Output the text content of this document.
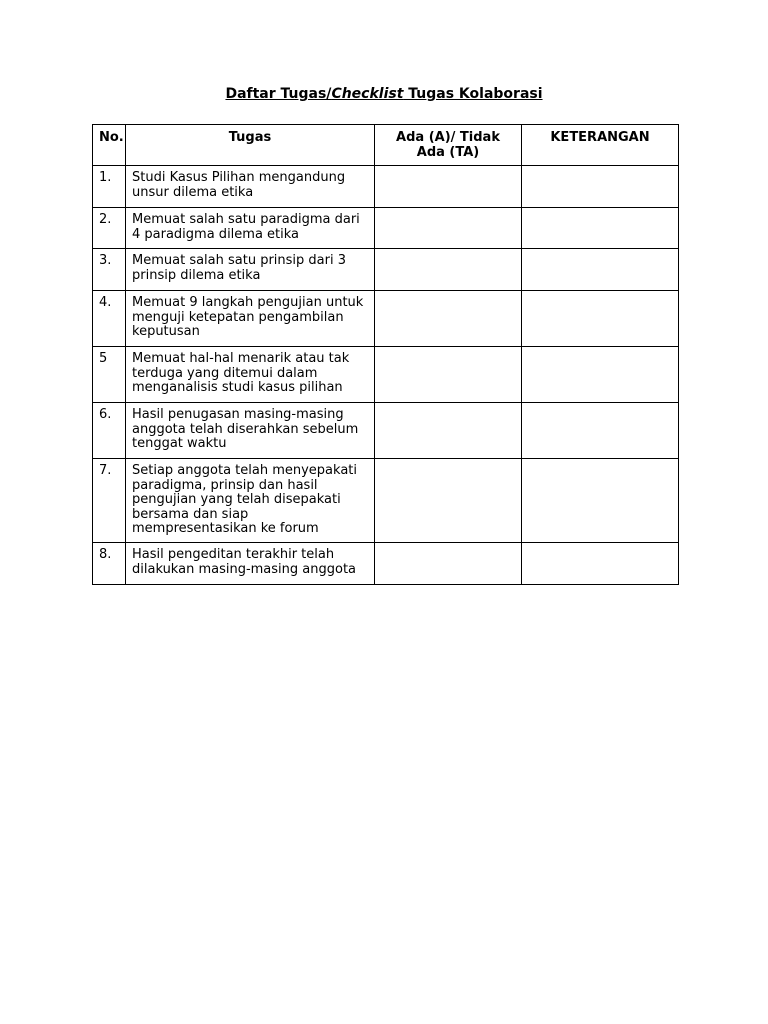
Daftar Tugas/Checklist Tugas Kolaborasi
No.	Tugas	Ada (A)/ Tidak Ada (TA)	KETERANGAN
1.	Studi Kasus Pilihan mengandung unsur dilema etika		
2.	Memuat salah satu paradigma dari 4 paradigma dilema etika		
3.	Memuat salah satu prinsip dari 3 prinsip dilema etika		
4.	Memuat 9 langkah pengujian untuk menguji ketepatan pengambilan keputusan		
5	Memuat hal-hal menarik atau tak terduga yang ditemui dalam menganalisis studi kasus pilihan		
6.	Hasil penugasan masing-masing anggota telah diserahkan sebelum tenggat waktu		
7.	Setiap anggota telah menyepakati paradigma, prinsip dan hasil pengujian yang telah disepakati bersama dan siap mempresentasikan ke forum		
8.	Hasil pengeditan terakhir telah dilakukan masing-masing anggota		
